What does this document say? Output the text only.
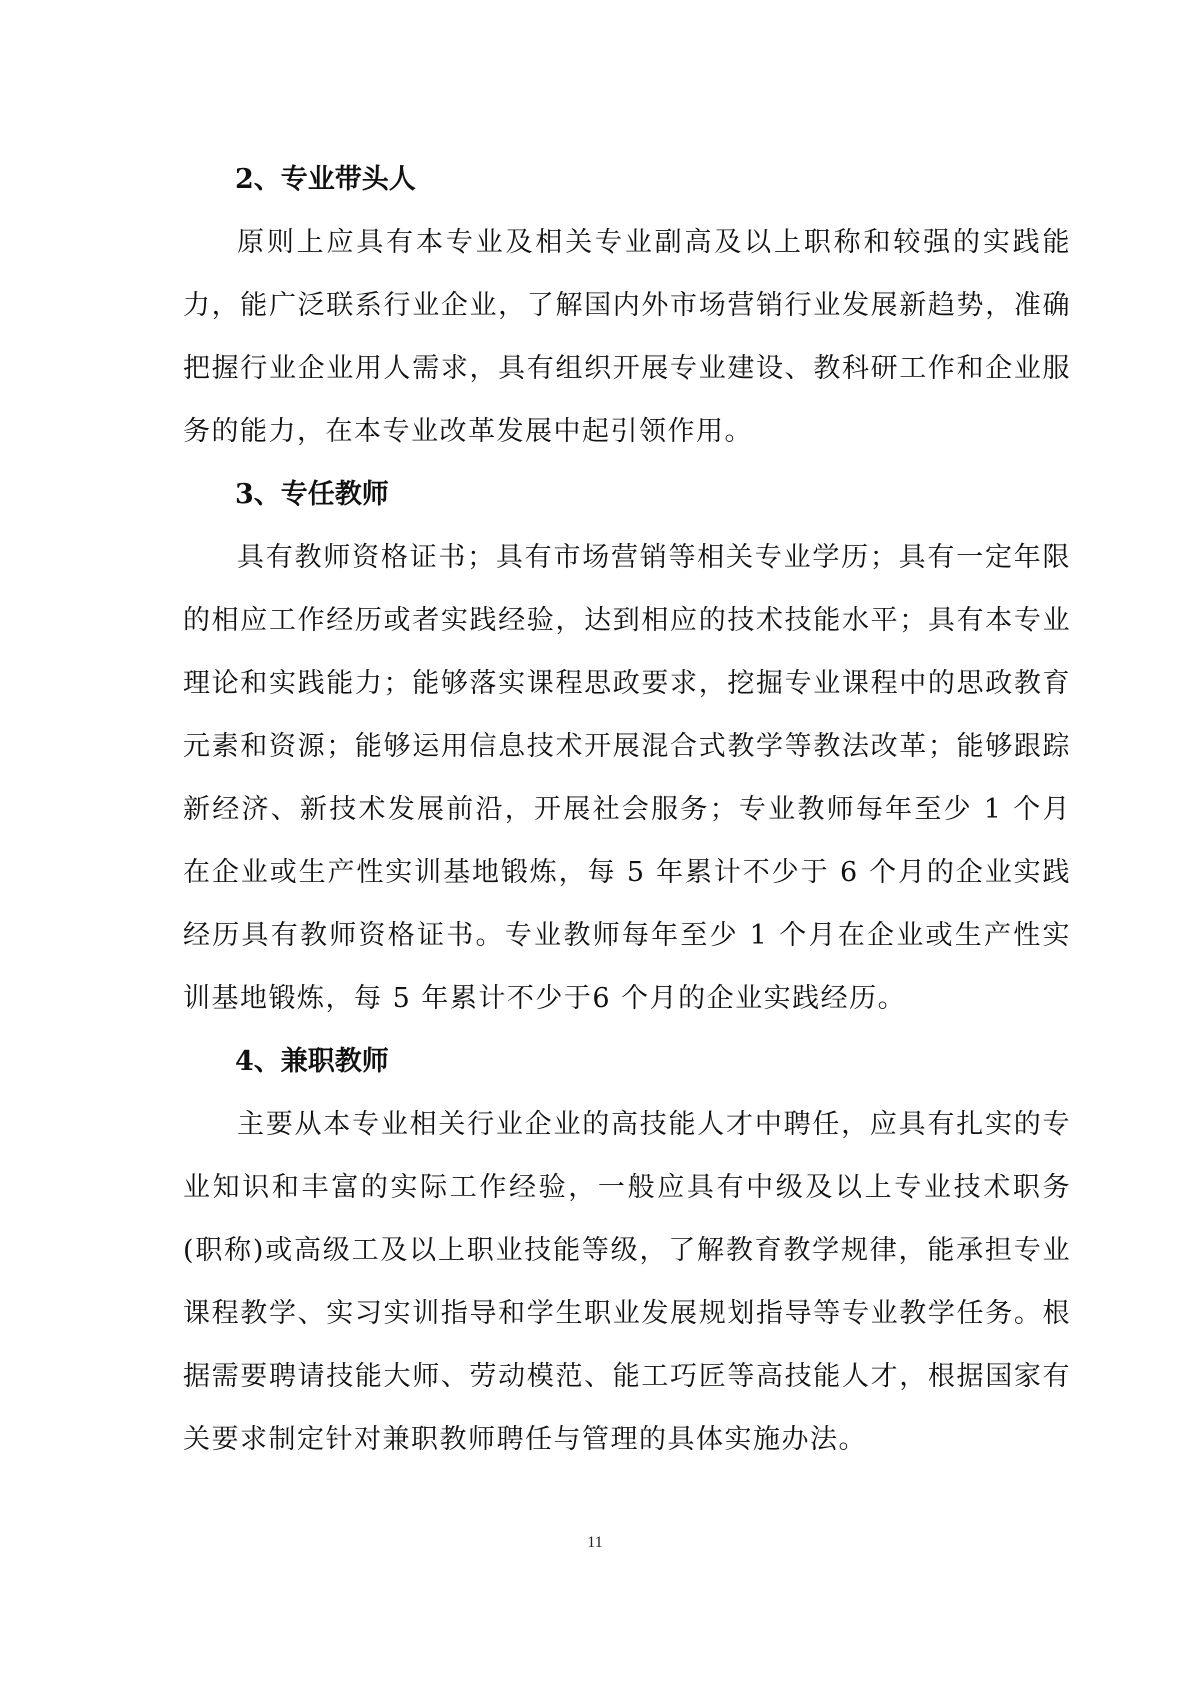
2、专业带头人

原则上应具有本专业及相关专业副高及以上职称和较强的实践能力，能广泛联系行业企业，了解国内外市场营销行业发展新趋势，准确把握行业企业用人需求，具有组织开展专业建设、教科研工作和企业服务的能力，在本专业改革发展中起引领作用。

3、专任教师

具有教师资格证书；具有市场营销等相关专业学历；具有一定年限的相应工作经历或者实践经验，达到相应的技术技能水平；具有本专业理论和实践能力；能够落实课程思政要求，挖掘专业课程中的思政教育元素和资源；能够运用信息技术开展混合式教学等教法改革；能够跟踪新经济、新技术发展前沿，开展社会服务；专业教师每年至少 1 个月在企业或生产性实训基地锻炼，每 5 年累计不少于 6 个月的企业实践经历具有教师资格证书。专业教师每年至少 1 个月在企业或生产性实训基地锻炼，每 5 年累计不少于6 个月的企业实践经历。

4、兼职教师

主要从本专业相关行业企业的高技能人才中聘任，应具有扎实的专业知识和丰富的实际工作经验，一般应具有中级及以上专业技术职务(职称)或高级工及以上职业技能等级，了解教育教学规律，能承担专业课程教学、实习实训指导和学生职业发展规划指导等专业教学任务。根据需要聘请技能大师、劳动模范、能工巧匠等高技能人才，根据国家有关要求制定针对兼职教师聘任与管理的具体实施办法。

11
